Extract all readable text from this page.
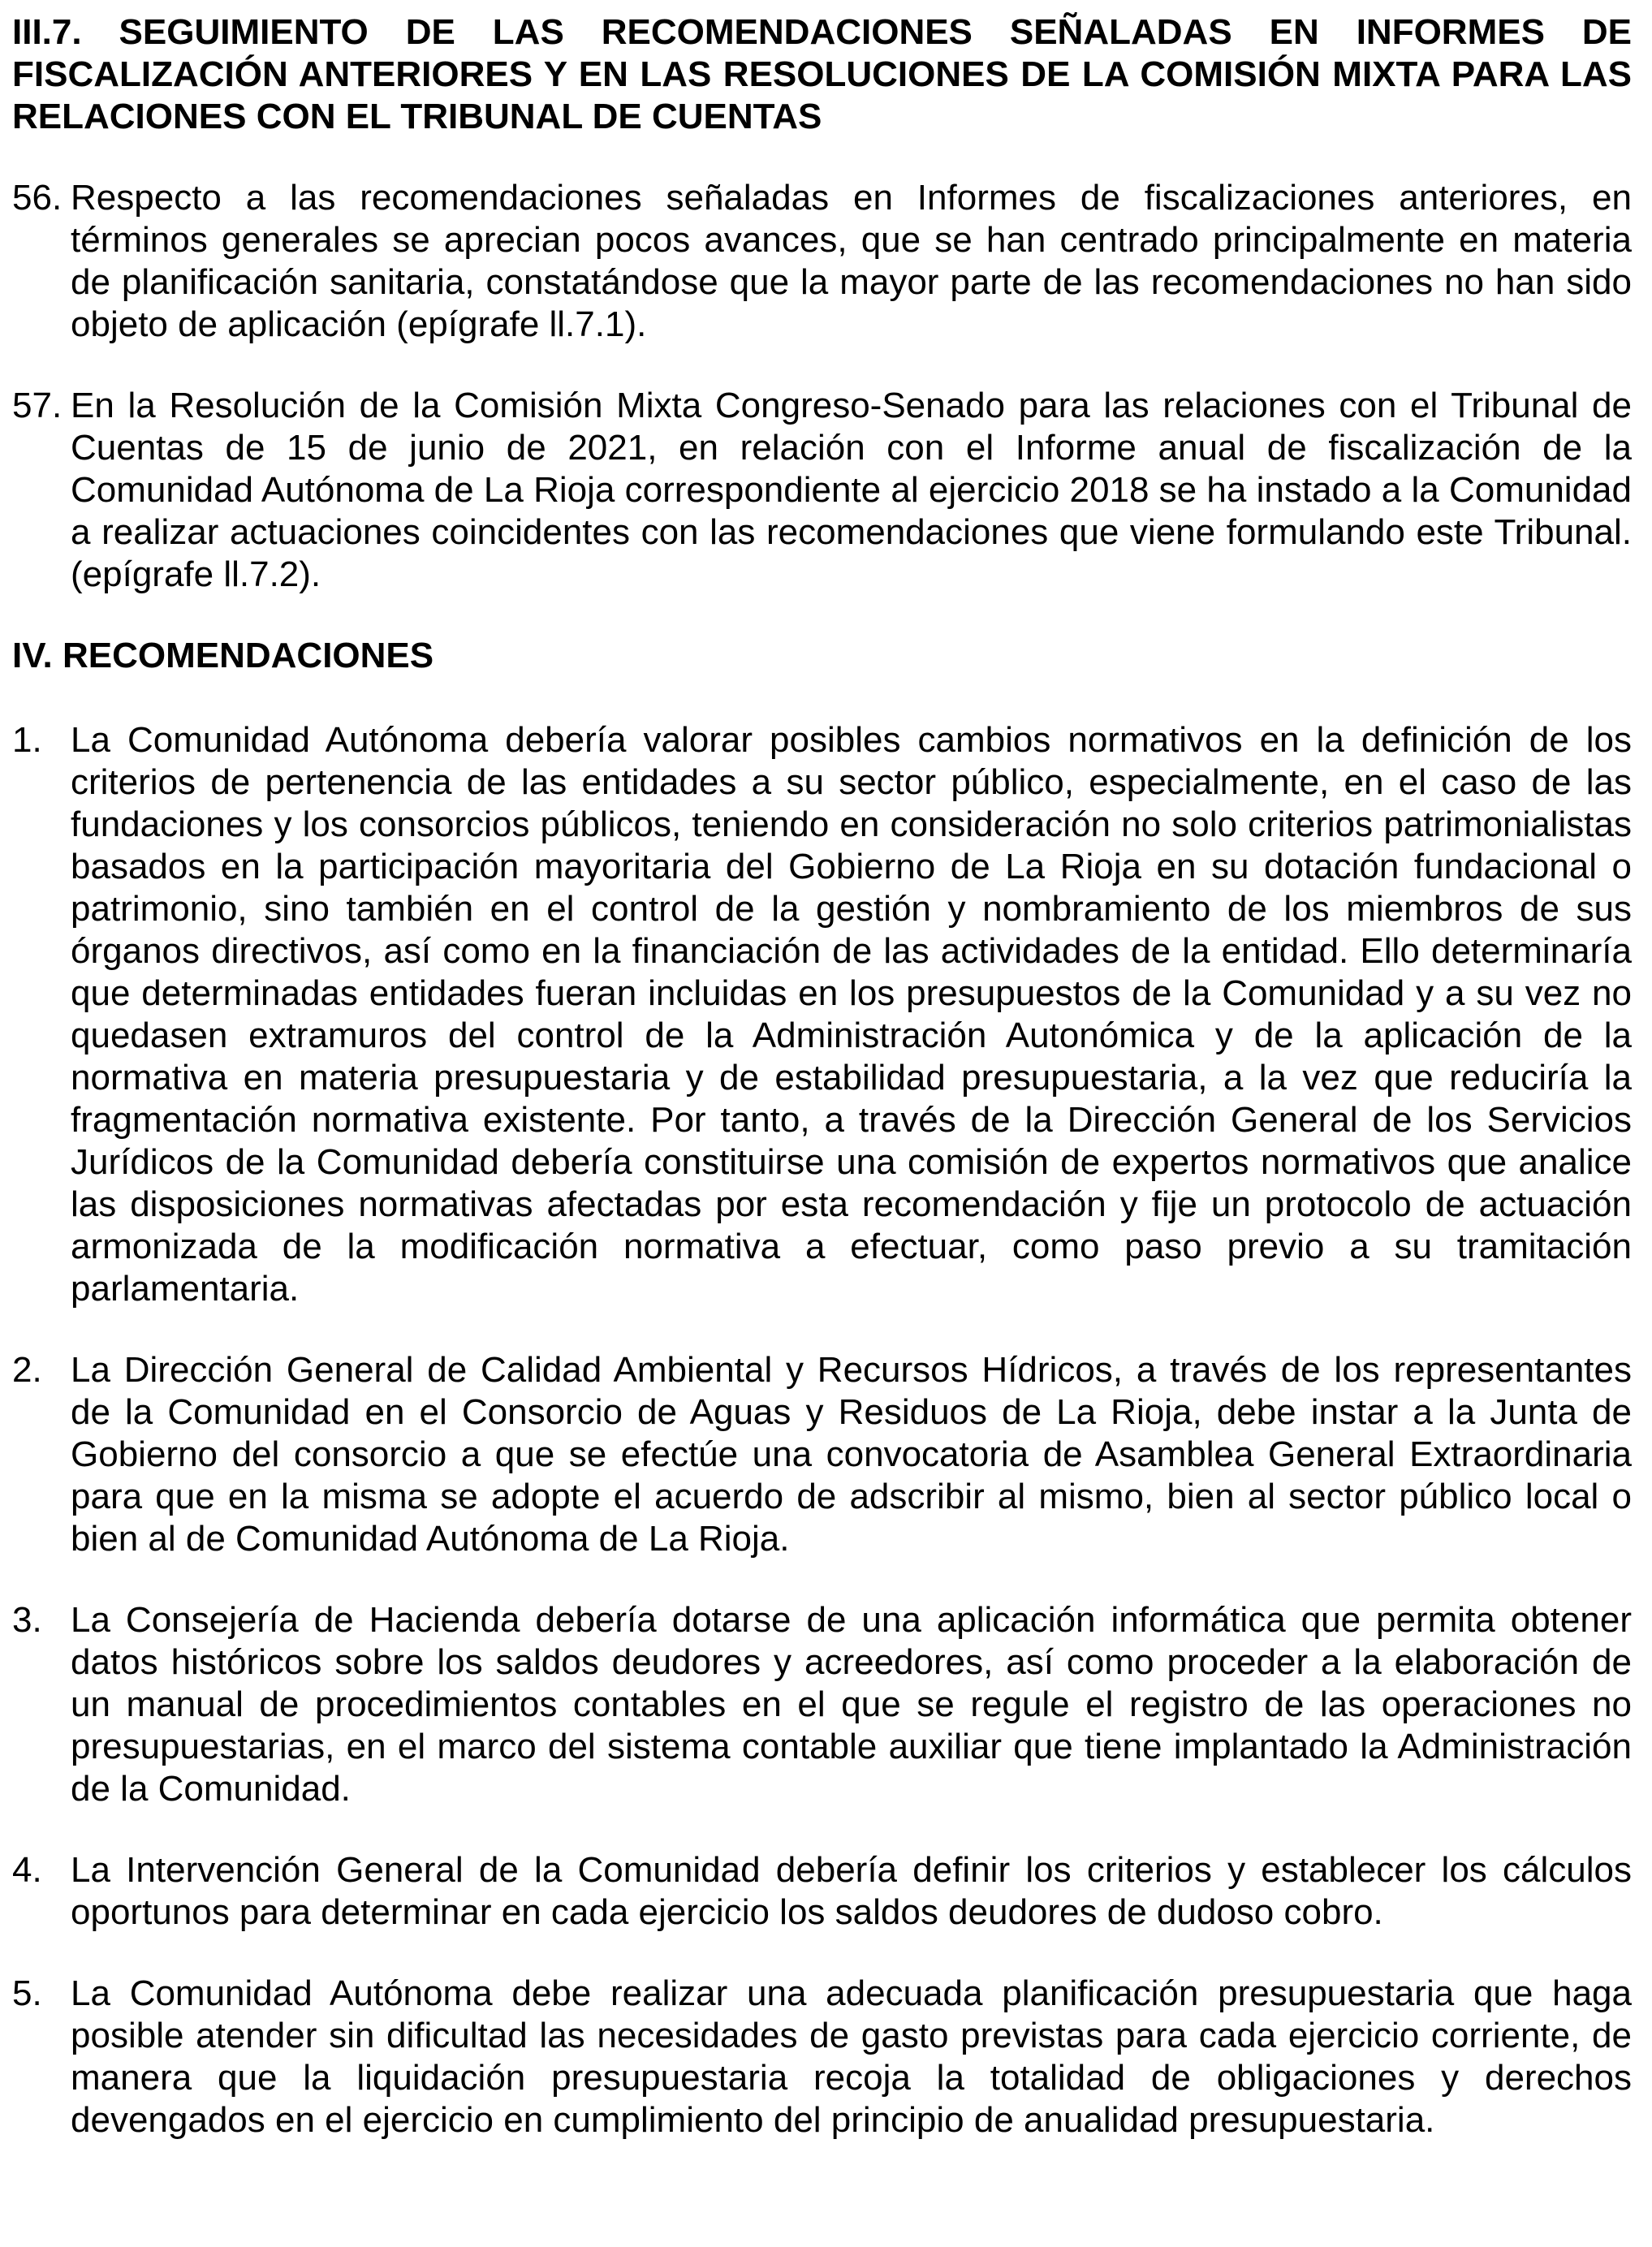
III.7. SEGUIMIENTO DE LAS RECOMENDACIONES SEÑALADAS EN INFORMES DE FISCALIZACIÓN ANTERIORES Y EN LAS RESOLUCIONES DE LA COMISIÓN MIXTA PARA LAS RELACIONES CON EL TRIBUNAL DE CUENTAS
56. Respecto a las recomendaciones señaladas en Informes de fiscalizaciones anteriores, en términos generales se aprecian pocos avances, que se han centrado principalmente en materia de planificación sanitaria, constatándose que la mayor parte de las recomendaciones no han sido objeto de aplicación (epígrafe ll.7.1).

57. En la Resolución de la Comisión Mixta Congreso-Senado para las relaciones con el Tribunal de Cuentas de 15 de junio de 2021, en relación con el Informe anual de fiscalización de la Comunidad Autónoma de La Rioja correspondiente al ejercicio 2018 se ha instado a la Comunidad a realizar actuaciones coincidentes con las recomendaciones que viene formulando este Tribunal. (epígrafe ll.7.2).

IV. RECOMENDACIONES
1. La Comunidad Autónoma debería valorar posibles cambios normativos en la definición de los criterios de pertenencia de las entidades a su sector público, especialmente, en el caso de las fundaciones y los consorcios públicos, teniendo en consideración no solo criterios patrimonialistas basados en la participación mayoritaria del Gobierno de La Rioja en su dotación fundacional o patrimonio, sino también en el control de la gestión y nombramiento de los miembros de sus órganos directivos, así como en la financiación de las actividades de la entidad. Ello determinaría que determinadas entidades fueran incluidas en los presupuestos de la Comunidad y a su vez no quedasen extramuros del control de la Administración Autonómica y de la aplicación de la normativa en materia presupuestaria y de estabilidad presupuestaria, a la vez que reduciría la fragmentación normativa existente. Por tanto, a través de la Dirección General de los Servicios Jurídicos de la Comunidad debería constituirse una comisión de expertos normativos que analice las disposiciones normativas afectadas por esta recomendación y fije un protocolo de actuación armonizada de la modificación normativa a efectuar, como paso previo a su tramitación parlamentaria.

2. La Dirección General de Calidad Ambiental y Recursos Hídricos, a través de los representantes de la Comunidad en el Consorcio de Aguas y Residuos de La Rioja, debe instar a la Junta de Gobierno del consorcio a que se efectúe una convocatoria de Asamblea General Extraordinaria para que en la misma se adopte el acuerdo de adscribir al mismo, bien al sector público local o bien al de Comunidad Autónoma de La Rioja.

3. La Consejería de Hacienda debería dotarse de una aplicación informática que permita obtener datos históricos sobre los saldos deudores y acreedores, así como proceder a la elaboración de un manual de procedimientos contables en el que se regule el registro de las operaciones no presupuestarias, en el marco del sistema contable auxiliar que tiene implantado la Administración de la Comunidad.

4. La Intervención General de la Comunidad debería definir los criterios y establecer los cálculos oportunos para determinar en cada ejercicio los saldos deudores de dudoso cobro.

5. La Comunidad Autónoma debe realizar una adecuada planificación presupuestaria que haga posible atender sin dificultad las necesidades de gasto previstas para cada ejercicio corriente, de manera que la liquidación presupuestaria recoja la totalidad de obligaciones y derechos devengados en el ejercicio en cumplimiento del principio de anualidad presupuestaria.
